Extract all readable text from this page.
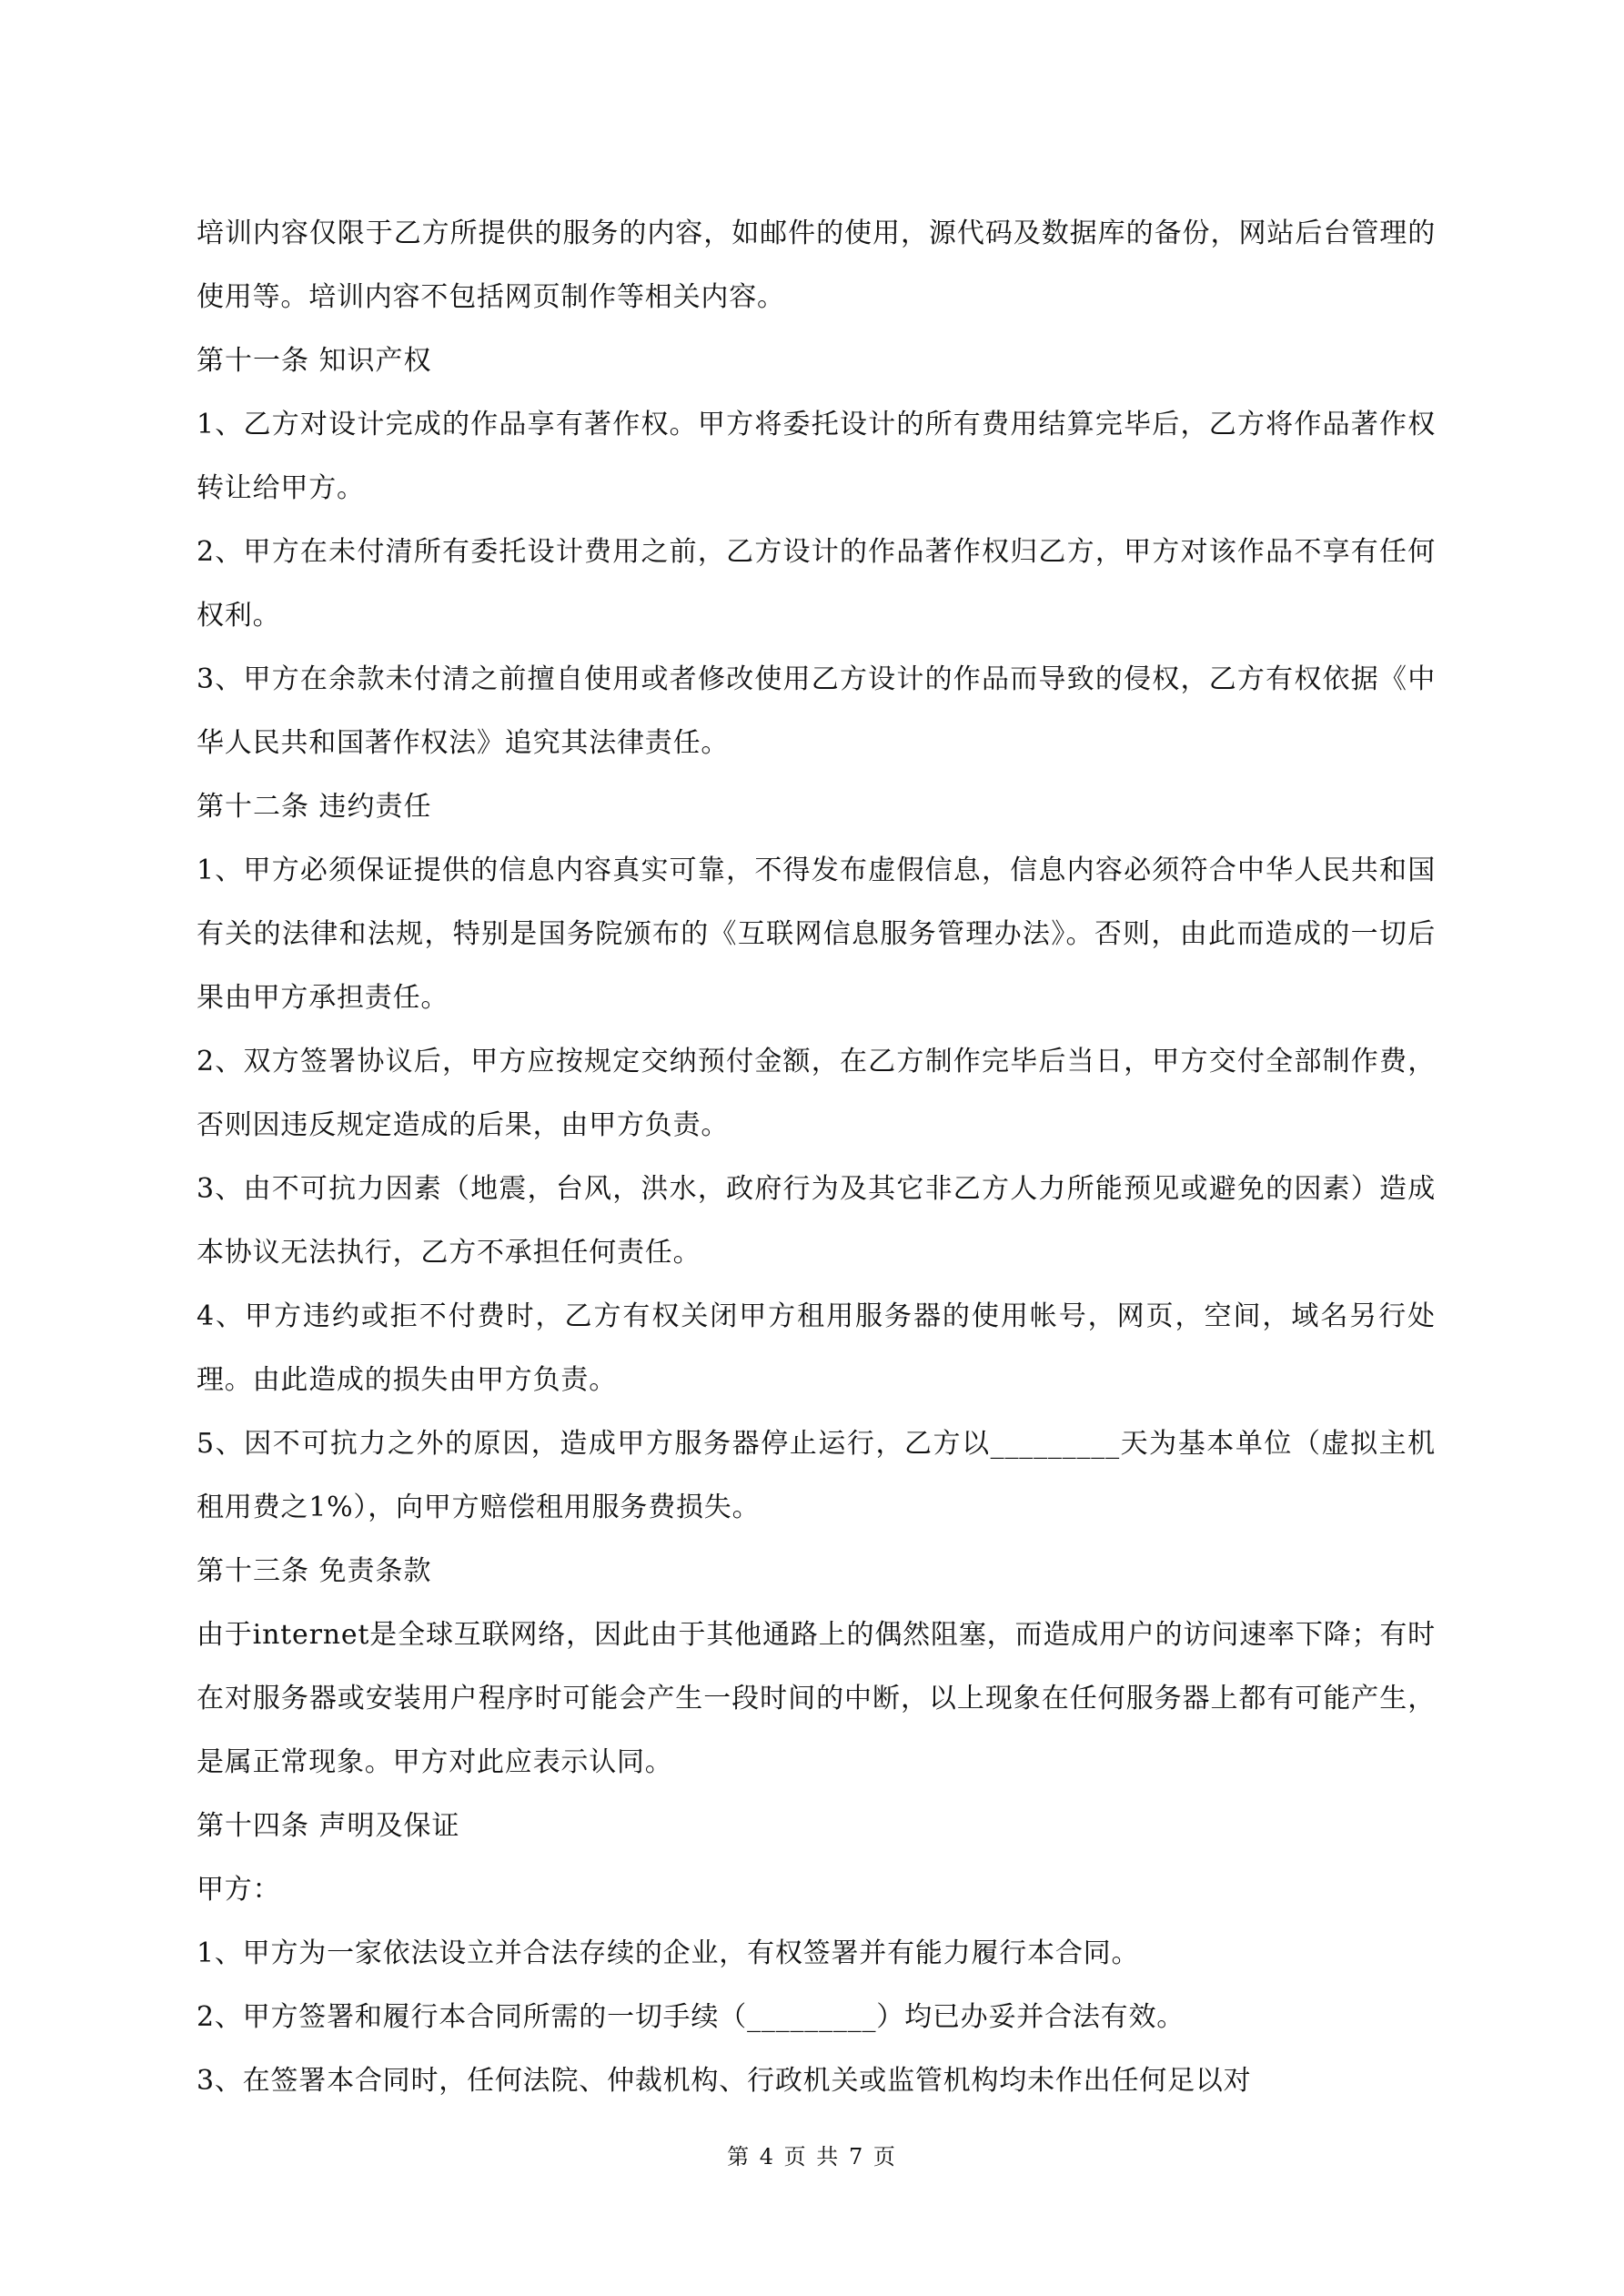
培训内容仅限于乙方所提供的服务的内容，如邮件的使用，源代码及数据库的备份，网站后台管理的使用等。培训内容不包括网页制作等相关内容。

第十一条 知识产权

1、乙方对设计完成的作品享有著作权。甲方将委托设计的所有费用结算完毕后，乙方将作品著作权转让给甲方。

2、甲方在未付清所有委托设计费用之前，乙方设计的作品著作权归乙方，甲方对该作品不享有任何权利。

3、甲方在余款未付清之前擅自使用或者修改使用乙方设计的作品而导致的侵权，乙方有权依据《中华人民共和国著作权法》追究其法律责任。

第十二条 违约责任

1、甲方必须保证提供的信息内容真实可靠，不得发布虚假信息，信息内容必须符合中华人民共和国有关的法律和法规，特别是国务院颁布的《互联网信息服务管理办法》。否则，由此而造成的一切后果由甲方承担责任。

2、双方签署协议后，甲方应按规定交纳预付金额，在乙方制作完毕后当日，甲方交付全部制作费，否则因违反规定造成的后果，由甲方负责。

3、由不可抗力因素（地震，台风，洪水，政府行为及其它非乙方人力所能预见或避免的因素）造成本协议无法执行，乙方不承担任何责任。

4、甲方违约或拒不付费时，乙方有权关闭甲方租用服务器的使用帐号，网页，空间，域名另行处理。由此造成的损失由甲方负责。

5、因不可抗力之外的原因，造成甲方服务器停止运行，乙方以_________天为基本单位（虚拟主机租用费之1%），向甲方赔偿租用服务费损失。

第十三条 免责条款

由于internet是全球互联网络，因此由于其他通路上的偶然阻塞，而造成用户的访问速率下降；有时在对服务器或安装用户程序时可能会产生一段时间的中断，以上现象在任何服务器上都有可能产生，是属正常现象。甲方对此应表示认同。

第十四条 声明及保证

甲方：

1、甲方为一家依法设立并合法存续的企业，有权签署并有能力履行本合同。

2、甲方签署和履行本合同所需的一切手续（_________）均已办妥并合法有效。

3、在签署本合同时，任何法院、仲裁机构、行政机关或监管机构均未作出任何足以对

第 4 页 共 7 页
